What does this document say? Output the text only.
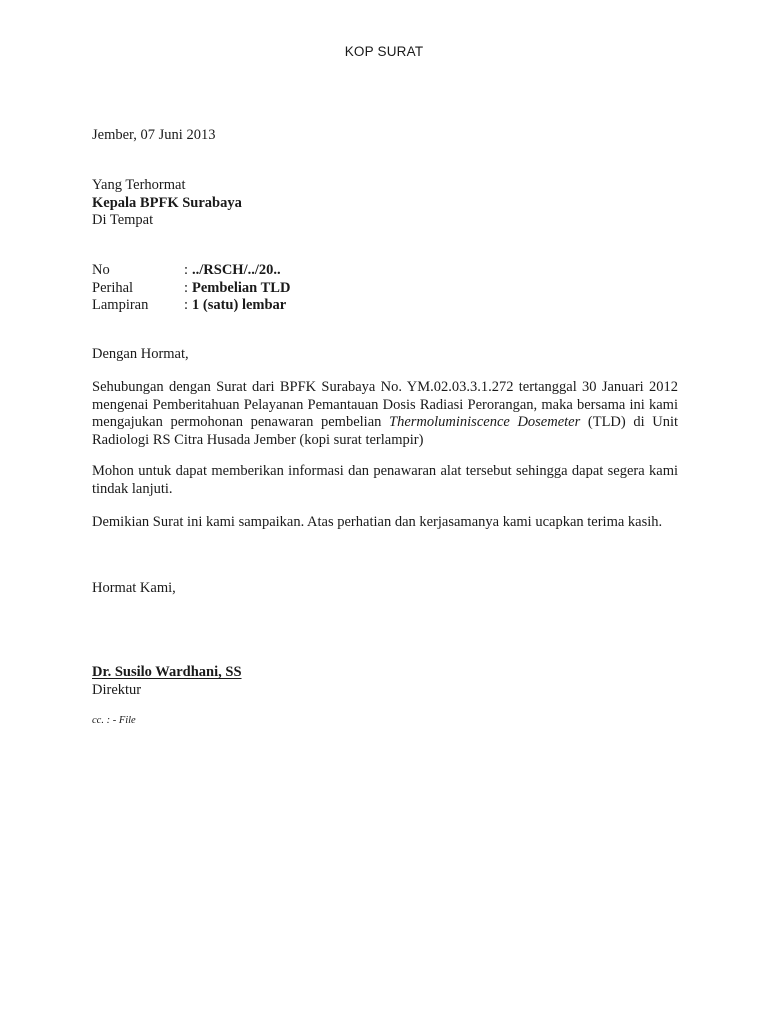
KOP SURAT
Jember, 07 Juni 2013
Yang Terhormat
Kepala BPFK Surabaya
Di Tempat
No	: ../RSCH/../20..
Perihal	: Pembelian TLD
Lampiran	: 1 (satu) lembar
Dengan Hormat,
Sehubungan dengan Surat dari BPFK Surabaya No. YM.02.03.3.1.272 tertanggal 30 Januari 2012 mengenai Pemberitahuan Pelayanan Pemantauan Dosis Radiasi Perorangan, maka bersama ini kami mengajukan permohonan penawaran pembelian Thermoluminiscence Dosemeter (TLD) di Unit Radiologi RS Citra Husada Jember (kopi surat terlampir)
Mohon untuk dapat memberikan informasi dan penawaran alat tersebut sehingga dapat segera kami tindak lanjuti.
Demikian Surat ini kami sampaikan. Atas perhatian dan kerjasamanya kami ucapkan terima kasih.
Hormat Kami,
Dr. Susilo Wardhani, SS
Direktur
cc. : - File
